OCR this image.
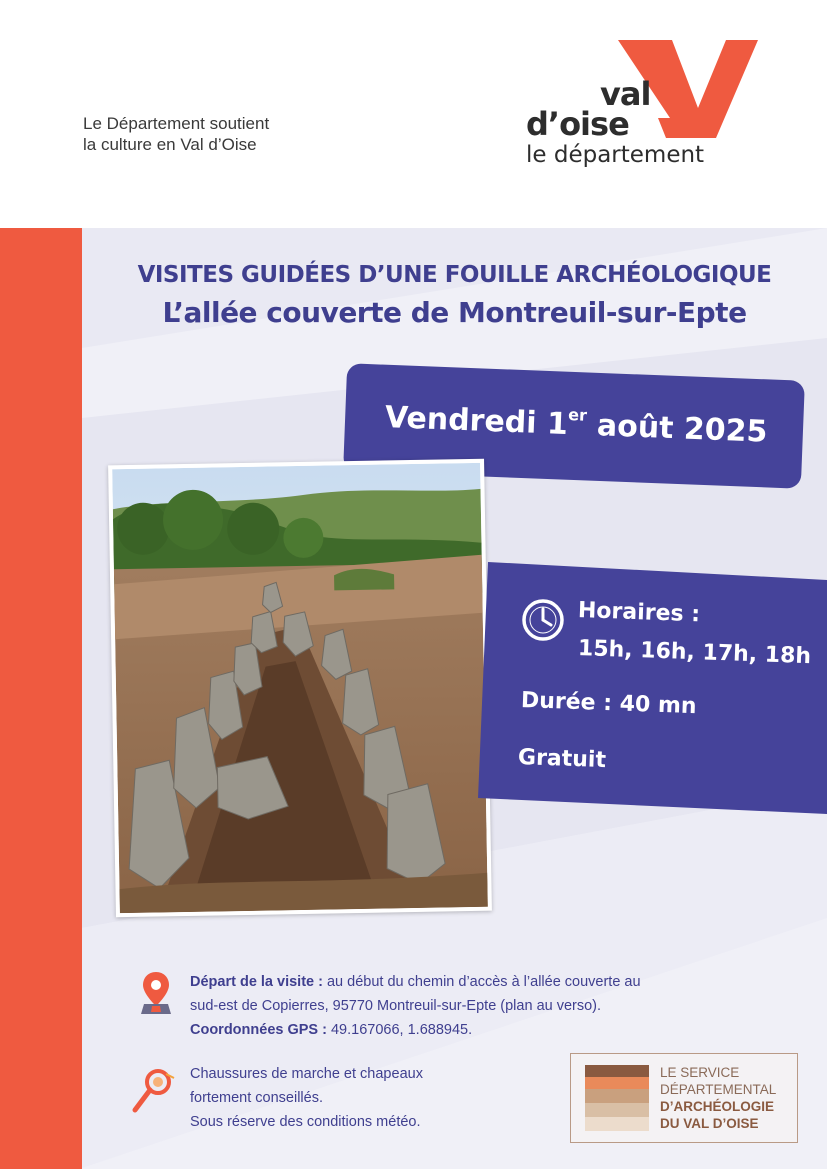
Le Département soutient
la culture en Val d’Oise
val
d’oise
le département
VISITES GUIDÉES D’UNE FOUILLE ARCHÉOLOGIQUE
L’allée couverte de Montreuil-sur-Epte
Vendredi 1er août 2025
Horaires :
15h, 16h, 17h, 18h
Durée : 40 mn
Gratuit
Départ de la visite : au début du chemin d’accès à l’allée couverte au
sud-est de Copierres, 95770 Montreuil-sur-Epte (plan au verso).
Coordonnées GPS : 49.167066, 1.688945.
Chaussures de marche et chapeaux
fortement conseillés.
Sous réserve des conditions météo.
LE SERVICE
DÉPARTEMENTAL
D’ARCHÉOLOGIE
DU VAL D’OISE
